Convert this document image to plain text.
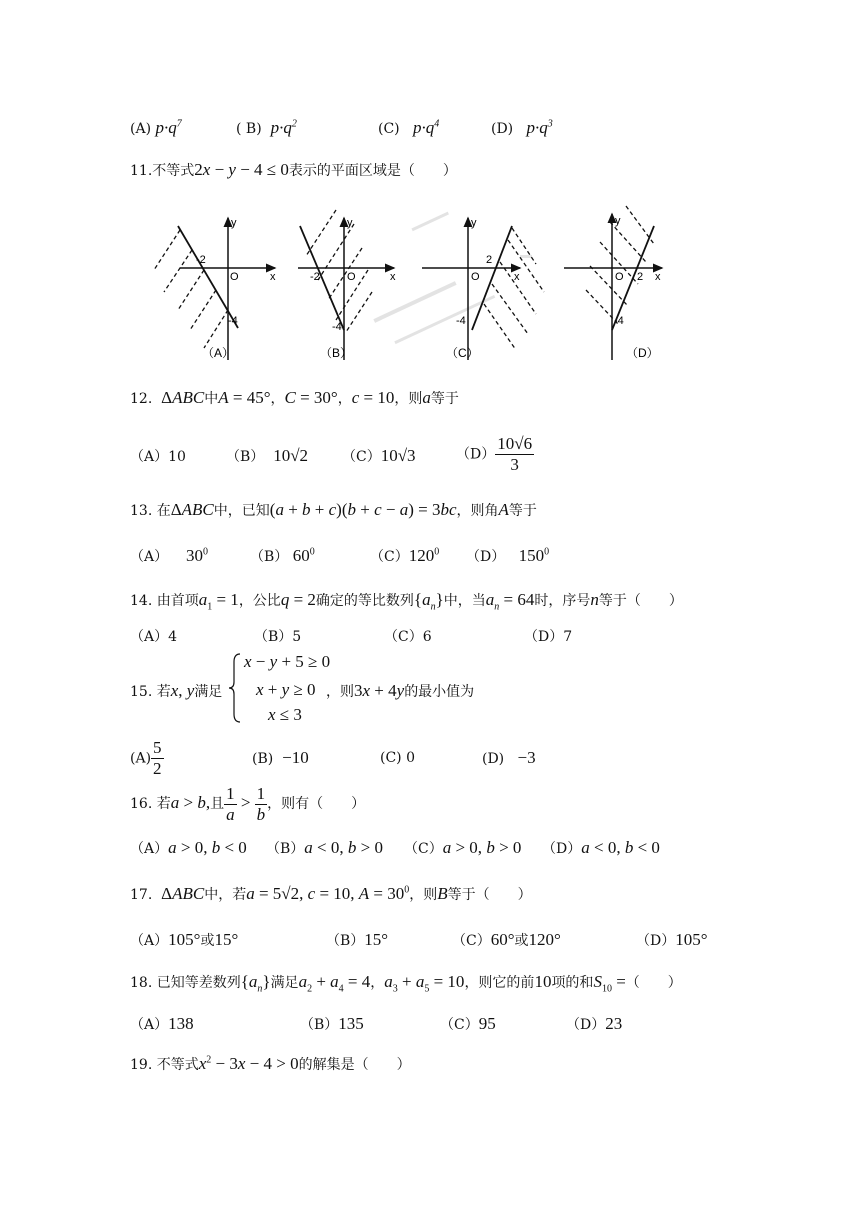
(A) $p\cdot q^7$	( B) $p\cdot q^2$	(C) $p\cdot q^4$	(D) $p\cdot q^3$
11.不等式2x − y − 4 ≤ 0表示的平面区域是（　　）
-2
y
x
O
-4
（A）
-2
y
x
O
-4
（B）
2
y
x
O
-4
（C）
2
y
x
O
-4
（D）
12. ΔABC中A = 45°，C = 30°，c = 10，则a等于
（A）10	（B） 10√2 （C）10√3	$(D) \frac{10√6}{3}$
13. 在ΔABC中，已知(a + b + c)(b + c − a) = 3bc，则角A等于
（A） $30^0$	（B） $60^0$	$(C)120^0$ （D） $150^0$
14. 由首项$a_1 = 1$，公比q = 2确定的等比数列$\{a_n\}$中，当$a_n = 64$时，序号n等于（　　）
（A）4	（B）5	（C）6	（D）7
15. 若x, y满足
x − y + 5 ≥ 0
x + y ≥ 0
x ≤ 3
，则3x + 4y的最小值为
$(A) \frac{5}{2}$	(B) −10	(C) 0	(D) −3
16. 若a > b,且 $\frac{1}{a} > \frac{1}{b}$ ，则有（　　）
（A）a > 0, b < 0 （B）a < 0, b > 0 （C）a > 0, b > 0 （D）a < 0, b < 0
17. ΔABC中，若a = 5√2, c = 10, $A = 30^0$，则B等于（　　）
（A）105°或15°	（B）15°	（C）60°或120°	（D）105°
18. 已知等差数列$\{a_n\}$满足$a_2 + a_4 = 4$，$a_3 + a_5 = 10$，则它的前10项的和$S_{10}$ =（　　）
（A）138	（B）135	（C）95	（D）23
19. 不等式$x^2 - 3x - 4 > 0$的解集是（　　）
